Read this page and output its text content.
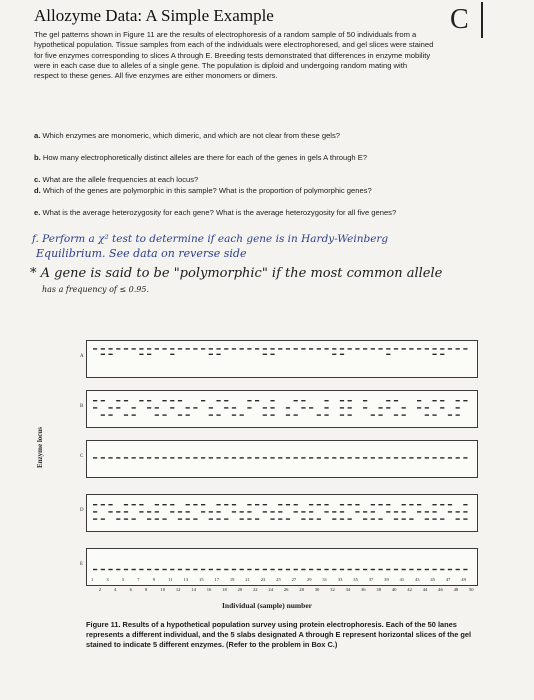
Allozyme Data: A Simple Example	C
The gel patterns shown in Figure 11 are the results of electrophoresis of a random sample of 50 individuals from a hypothetical population. Tissue samples from each of the individuals were electrophoresed, and gel slices were stained for five enzymes corresponding to slices A through E. Breeding tests demonstrated that differences in enzyme mobility were in each case due to alleles of a single gene. The population is diploid and undergoing random mating with respect to these genes. All five enzymes are either monomers or dimers.
a. Which enzymes are monomeric, which dimeric, and which are not clear from these gels?
b. How many electrophoretically distinct alleles are there for each of the genes in gels A through E?
c. What are the allele frequencies at each locus?
d. Which of the genes are polymorphic in this sample? What is the proportion of polymorphic genes?
e. What is the average heterozygosity for each gene? What is the average heterozygosity for all five genes?
f. Perform a χ² test to determine if each gene is in Hardy-Weinberg
Equilibrium. See data on reverse side
* A gene is said to be "polymorphic" if the most common allele
has a frequency of ≤ 0.95.
Enzyme locus
A
B
C
D
E
1	3	5	7	9	11 13 15 17 19 21 23 25 27 29 31 33 35 37 39 41 43 45 47 49
2	4	6	8	10 12 14 16 18 20 22 24 26 28 30 32 34 36 38 40 42 44 46 48 50
Individual (sample) number
Figure 11. Results of a hypothetical population survey using protein electrophoresis. Each of the 50 lanes represents a different individual, and the 5 slabs designated A through E represent horizontal slices of the gel stained to indicate 5 different enzymes. (Refer to the problem in Box C.)
